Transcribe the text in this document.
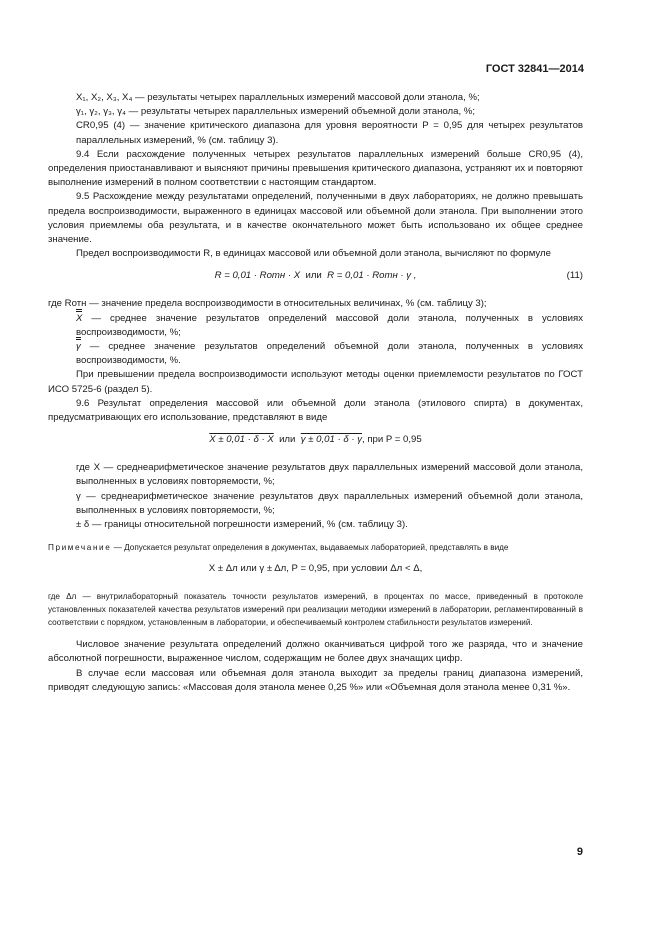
ГОСТ 32841—2014

X₁, X₂, X₃, X₄ — результаты четырех параллельных измерений массовой доли этанола, %;

γ₁, γ₂, γ₃, γ₄ — результаты четырех параллельных измерений объемной доли этанола, %;

CR0,95 (4) — значение критического диапазона для уровня вероятности P = 0,95 для четырех результатов параллельных измерений, % (см. таблицу 3).

9.4 Если расхождение полученных четырех результатов параллельных измерений больше CR0,95 (4), определения приостанавливают и выясняют причины превышения критического диапазона, устраняют их и повторяют выполнение измерений в полном соответствии с настоящим стандартом.

9.5 Расхождение между результатами определений, полученными в двух лабораториях, не должно превышать предела воспроизводимости, выраженного в единицах массовой или объемной доли этанола. При выполнении этого условия приемлемы оба результата, и в качестве окончательного может быть использовано их общее среднее значение.

Предел воспроизводимости R, в единицах массовой или объемной доли этанола, вычисляют по формуле

R = 0,01 · Rотн · X или R = 0,01 · Rотн · γ ,	(11)

где Rотн — значение предела воспроизводимости в относительных величинах, % (см. таблицу 3);

X — среднее значение результатов определений массовой доли этанола, полученных в условиях воспроизводимости, %;

γ — среднее значение результатов определений объемной доли этанола, полученных в условиях воспроизводимости, %.

При превышении предела воспроизводимости используют методы оценки приемлемости результатов по ГОСТ ИСО 5725-6 (раздел 5).

9.6 Результат определения массовой или объемной доли этанола (этилового спирта) в документах, предусматривающих его использование, представляют в виде

X ± 0,01 · δ · X или γ ± 0,01 · δ · γ, при P = 0,95

где X — среднеарифметическое значение результатов двух параллельных измерений массовой доли этанола, выполненных в условиях повторяемости, %;

γ — среднеарифметическое значение результатов двух параллельных измерений объемной доли этанола, выполненных в условиях повторяемости, %;

± δ — границы относительной погрешности измерений, % (см. таблицу 3).

Примечание — Допускается результат определения в документах, выдаваемых лабораторией, представлять в виде

X ± Δл или γ ± Δл, P = 0,95, при условии Δл < Δ,

где Δл — внутрилабораторный показатель точности результатов измерений, в процентах по массе, приведенный в протоколе установленных показателей качества результатов измерений при реализации методики измерений в лаборатории, регламентированный в соответствии с порядком, установленным в лаборатории, и обеспечиваемый контролем стабильности результатов измерений.

Числовое значение результата определений должно оканчиваться цифрой того же разряда, что и значение абсолютной погрешности, выраженное числом, содержащим не более двух значащих цифр.

В случае если массовая или объемная доля этанола выходит за пределы границ диапазона измерений, приводят следующую запись: «Массовая доля этанола менее 0,25 %» или «Объемная доля этанола менее 0,31 %».

9
